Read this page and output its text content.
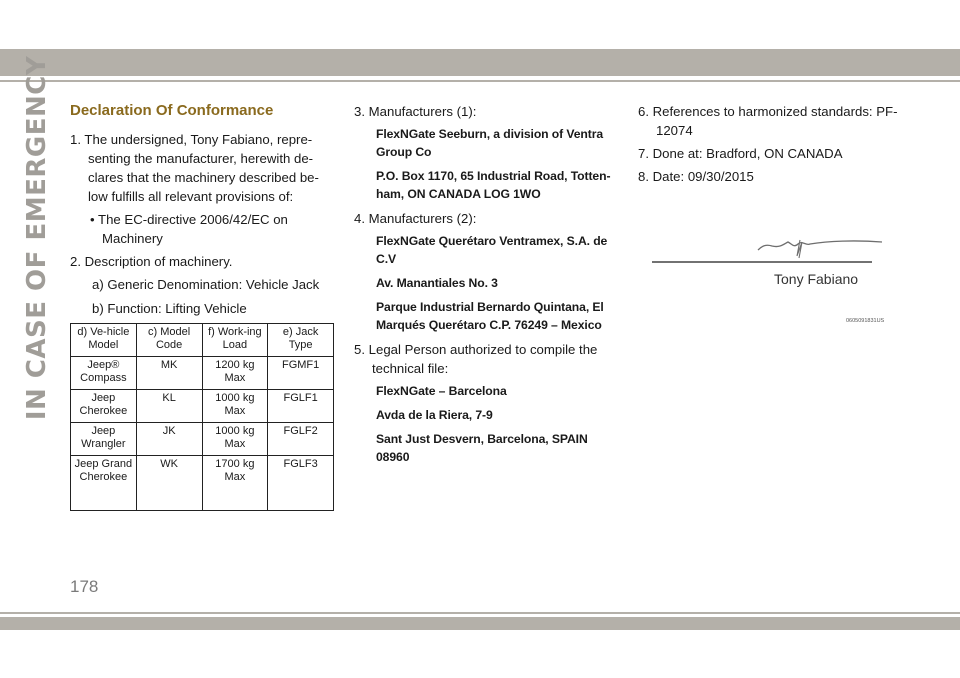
IN CASE OF EMERGENCY Declaration Of Conformance

1. The undersigned, Tony Fabiano, repre-senting the manufacturer, herewith de-clares that the machinery described be-low fulfills all relevant provisions of:

• The EC-directive 2006/42/EC on Machinery

2. Description of machinery.

a) Generic Denomination: Vehicle Jack

b) Function: Lifting Vehicle

d) Ve-hicle Model	c) Model Code	f) Work-ing Load	e) Jack Type
Jeep® Compass	MK	1200 kg Max	FGMF1
Jeep Cherokee	KL	1000 kg Max	FGLF1
Jeep Wrangler	JK	1000 kg Max	FGLF2
Jeep Grand Cherokee	WK	1700 kg Max	FGLF3

3. Manufacturers (1):

FlexNGate Seeburn, a division of Ventra Group Co

P.O. Box 1170, 65 Industrial Road, Totten-ham, ON CANADA LOG 1WO

4. Manufacturers (2):

FlexNGate Querétaro Ventramex, S.A. de C.V

Av. Manantiales No. 3

Parque Industrial Bernardo Quintana, El Marqués Querétaro C.P. 76249 – Mexico

5. Legal Person authorized to compile the technical file:

FlexNGate – Barcelona

Avda de la Riera, 7-9

Sant Just Desvern, Barcelona, SPAIN 08960

6. References to harmonized standards: PF-12074

7. Done at: Bradford, ON CANADA

8. Date: 09/30/2015

Tony Fabiano
0605091831US
178
